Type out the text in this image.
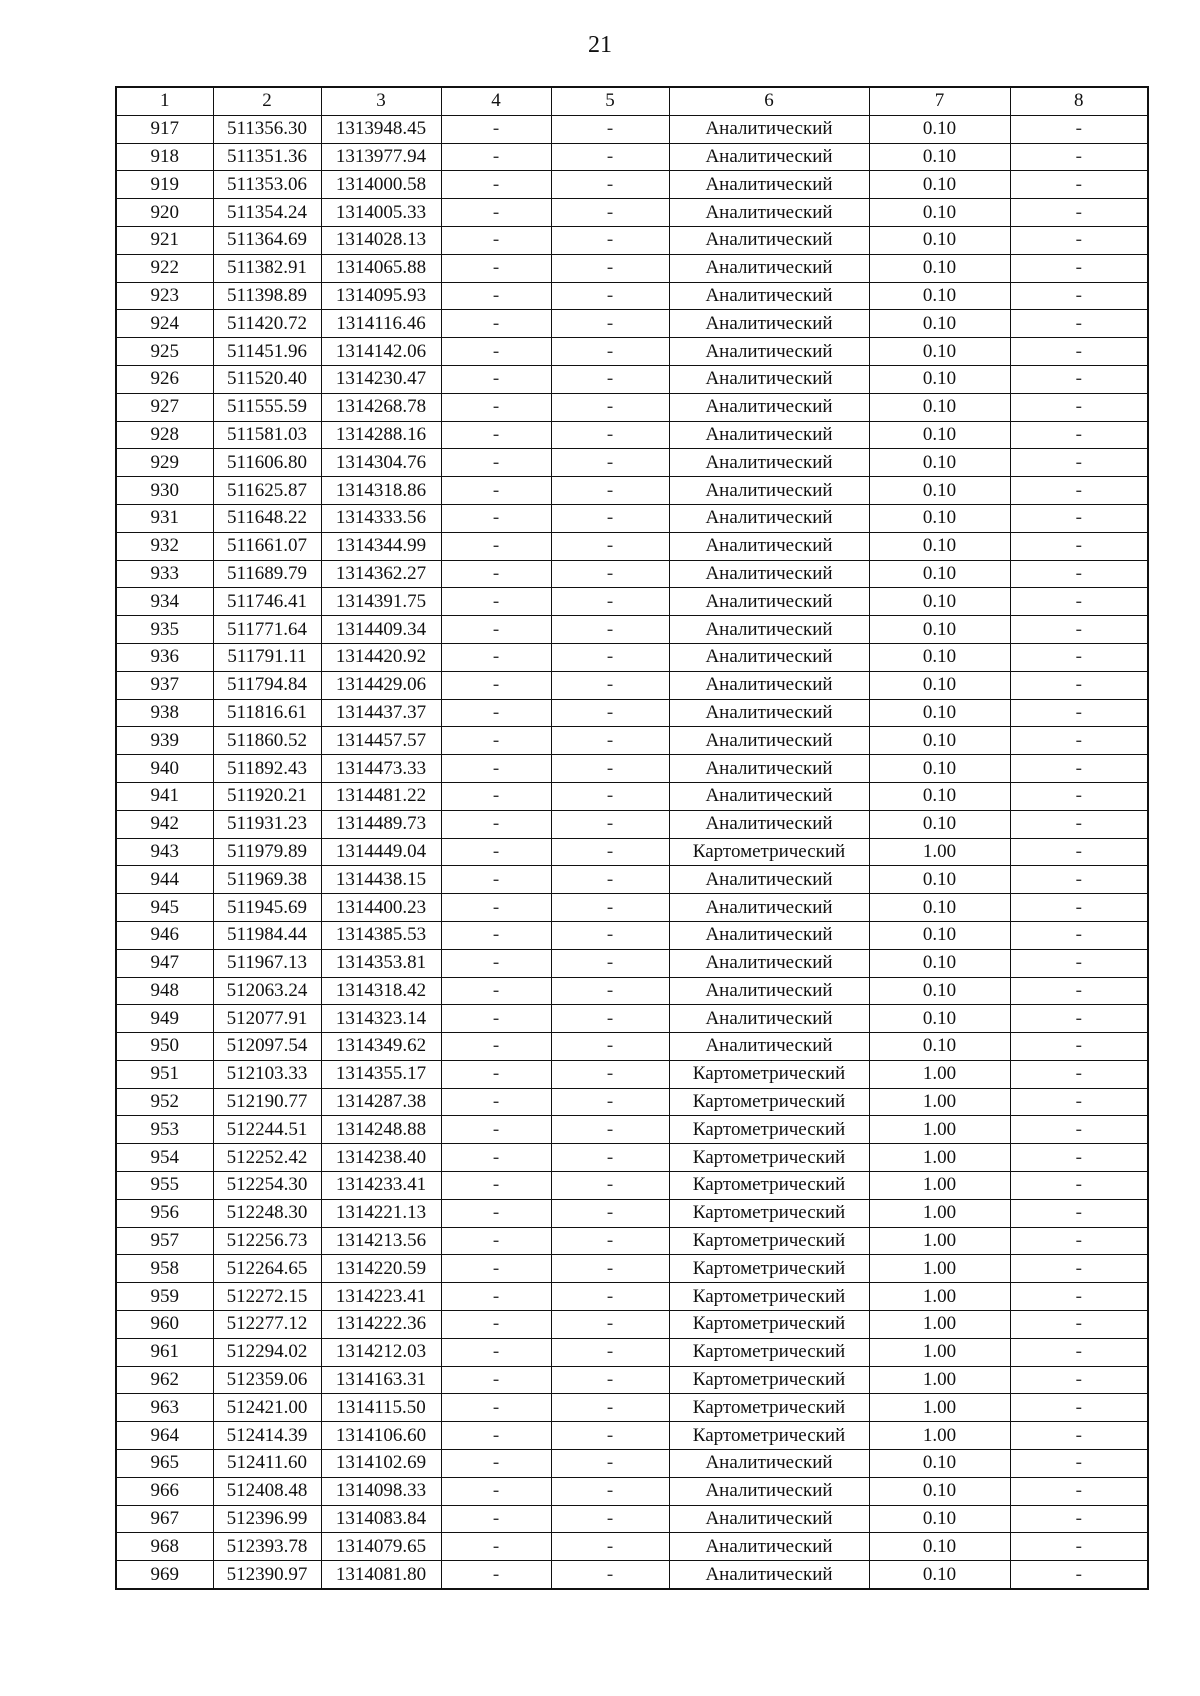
21
1	2	3	4	5	6	7	8
917	511356.30	1313948.45	-	-	Аналитический	0.10	-
918	511351.36	1313977.94	-	-	Аналитический	0.10	-
919	511353.06	1314000.58	-	-	Аналитический	0.10	-
920	511354.24	1314005.33	-	-	Аналитический	0.10	-
921	511364.69	1314028.13	-	-	Аналитический	0.10	-
922	511382.91	1314065.88	-	-	Аналитический	0.10	-
923	511398.89	1314095.93	-	-	Аналитический	0.10	-
924	511420.72	1314116.46	-	-	Аналитический	0.10	-
925	511451.96	1314142.06	-	-	Аналитический	0.10	-
926	511520.40	1314230.47	-	-	Аналитический	0.10	-
927	511555.59	1314268.78	-	-	Аналитический	0.10	-
928	511581.03	1314288.16	-	-	Аналитический	0.10	-
929	511606.80	1314304.76	-	-	Аналитический	0.10	-
930	511625.87	1314318.86	-	-	Аналитический	0.10	-
931	511648.22	1314333.56	-	-	Аналитический	0.10	-
932	511661.07	1314344.99	-	-	Аналитический	0.10	-
933	511689.79	1314362.27	-	-	Аналитический	0.10	-
934	511746.41	1314391.75	-	-	Аналитический	0.10	-
935	511771.64	1314409.34	-	-	Аналитический	0.10	-
936	511791.11	1314420.92	-	-	Аналитический	0.10	-
937	511794.84	1314429.06	-	-	Аналитический	0.10	-
938	511816.61	1314437.37	-	-	Аналитический	0.10	-
939	511860.52	1314457.57	-	-	Аналитический	0.10	-
940	511892.43	1314473.33	-	-	Аналитический	0.10	-
941	511920.21	1314481.22	-	-	Аналитический	0.10	-
942	511931.23	1314489.73	-	-	Аналитический	0.10	-
943	511979.89	1314449.04	-	-	Картометрический	1.00	-
944	511969.38	1314438.15	-	-	Аналитический	0.10	-
945	511945.69	1314400.23	-	-	Аналитический	0.10	-
946	511984.44	1314385.53	-	-	Аналитический	0.10	-
947	511967.13	1314353.81	-	-	Аналитический	0.10	-
948	512063.24	1314318.42	-	-	Аналитический	0.10	-
949	512077.91	1314323.14	-	-	Аналитический	0.10	-
950	512097.54	1314349.62	-	-	Аналитический	0.10	-
951	512103.33	1314355.17	-	-	Картометрический	1.00	-
952	512190.77	1314287.38	-	-	Картометрический	1.00	-
953	512244.51	1314248.88	-	-	Картометрический	1.00	-
954	512252.42	1314238.40	-	-	Картометрический	1.00	-
955	512254.30	1314233.41	-	-	Картометрический	1.00	-
956	512248.30	1314221.13	-	-	Картометрический	1.00	-
957	512256.73	1314213.56	-	-	Картометрический	1.00	-
958	512264.65	1314220.59	-	-	Картометрический	1.00	-
959	512272.15	1314223.41	-	-	Картометрический	1.00	-
960	512277.12	1314222.36	-	-	Картометрический	1.00	-
961	512294.02	1314212.03	-	-	Картометрический	1.00	-
962	512359.06	1314163.31	-	-	Картометрический	1.00	-
963	512421.00	1314115.50	-	-	Картометрический	1.00	-
964	512414.39	1314106.60	-	-	Картометрический	1.00	-
965	512411.60	1314102.69	-	-	Аналитический	0.10	-
966	512408.48	1314098.33	-	-	Аналитический	0.10	-
967	512396.99	1314083.84	-	-	Аналитический	0.10	-
968	512393.78	1314079.65	-	-	Аналитический	0.10	-
969	512390.97	1314081.80	-	-	Аналитический	0.10	-
